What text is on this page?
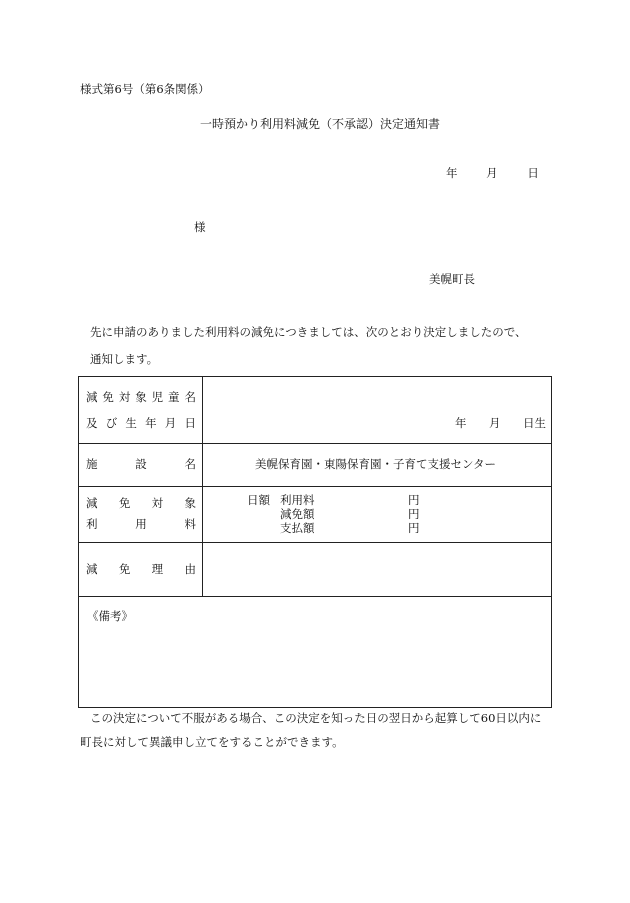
様式第6号（第6条関係）
一時預かり利用料減免（不承認）決定通知書
年 月	日
様
美幌町長
先に申請のありました利用料の減免につきましては、次のとおり決定しましたので、
通知します。
減 免 対 象 児 童 名
及 び 生 年 月 日	年 月 日生
施	設	名	美幌保育園・東陽保育園・子育て支援センター
減 免 対 象
利	用	料
日額 利用料	円
減免額	円
支払額	円
減 免 理 由
《備考》
この決定について不服がある場合、この決定を知った日の翌日から起算して60日以内に
町長に対して異議申し立てをすることができます。
